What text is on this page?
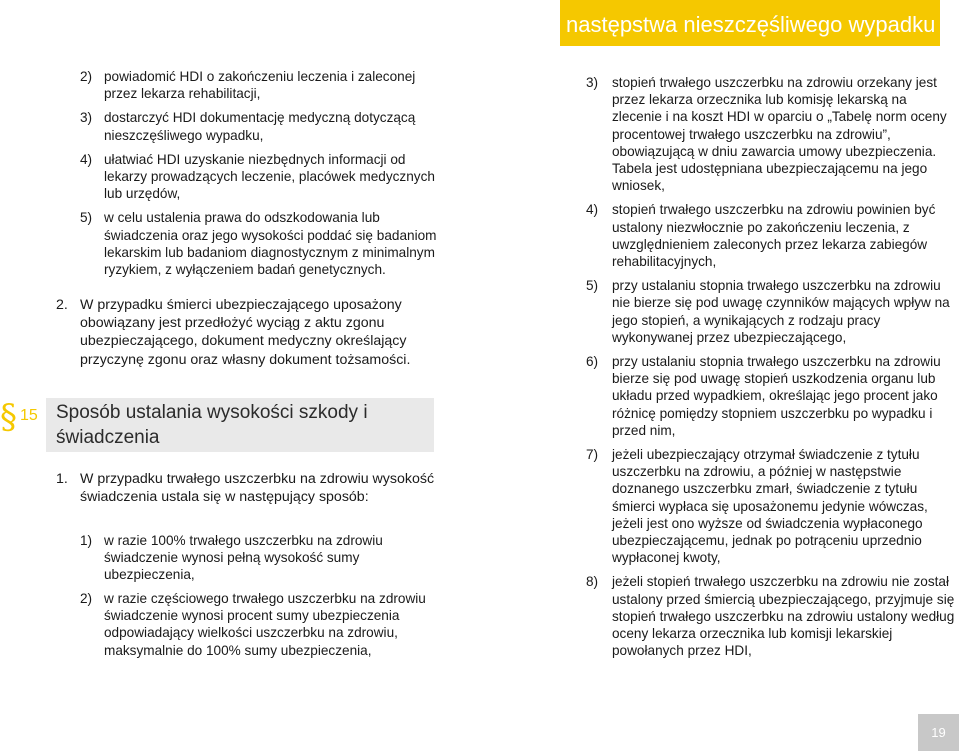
następstwa nieszczęśliwego wypadku
2) powiadomić HDI o zakończeniu leczenia i zaleconej przez lekarza rehabilitacji,
3) dostarczyć HDI dokumentację medyczną dotyczącą nieszczęśliwego wypadku,
4) ułatwiać HDI uzyskanie niezbędnych informacji od lekarzy prowadzących leczenie, placówek medycznych lub urzędów,
5) w celu ustalenia prawa do odszkodowania lub świadczenia oraz jego wysokości poddać się badaniom lekarskim lub badaniom diagnostycznym z minimalnym ryzykiem, z wyłączeniem badań genetycznych.
2. W przypadku śmierci ubezpieczającego uposażony obowiązany jest przedłożyć wyciąg z aktu zgonu ubezpieczającego, dokument medyczny określający przyczynę zgonu oraz własny dokument tożsamości.
§ 15 Sposób ustalania wysokości szkody i świadczenia
1. W przypadku trwałego uszczerbku na zdrowiu wysokość świadczenia ustala się w następujący sposób:
1) w razie 100% trwałego uszczerbku na zdrowiu świadczenie wynosi pełną wysokość sumy ubezpieczenia,
2) w razie częściowego trwałego uszczerbku na zdrowiu świadczenie wynosi procent sumy ubezpieczenia odpowiadający wielkości uszczerbku na zdrowiu, maksymalnie do 100% sumy ubezpieczenia,
3) stopień trwałego uszczerbku na zdrowiu orzekany jest przez lekarza orzecznika lub komisję lekarską na zlecenie i na koszt HDI w oparciu o „Tabelę norm oceny procentowej trwałego uszczerbku na zdrowiu”, obowiązującą w dniu zawarcia umowy ubezpieczenia. Tabela jest udostępniana ubezpieczającemu na jego wniosek,
4) stopień trwałego uszczerbku na zdrowiu powinien być ustalony niezwłocznie po zakończeniu leczenia, z uwzględnieniem zaleconych przez lekarza zabiegów rehabilitacyjnych,
5) przy ustalaniu stopnia trwałego uszczerbku na zdrowiu nie bierze się pod uwagę czynników mających wpływ na jego stopień, a wynikających z rodzaju pracy wykonywanej przez ubezpieczającego,
6) przy ustalaniu stopnia trwałego uszczerbku na zdrowiu bierze się pod uwagę stopień uszkodzenia organu lub układu przed wypadkiem, określając jego procent jako różnicę pomiędzy stopniem uszczerbku po wypadku i przed nim,
7) jeżeli ubezpieczający otrzymał świadczenie z tytułu uszczerbku na zdrowiu, a później w następstwie doznanego uszczerbku zmarł, świadczenie z tytułu śmierci wypłaca się uposażonemu jedynie wówczas, jeżeli jest ono wyższe od świadczenia wypłaconego ubezpieczającemu, jednak po potrąceniu uprzednio wypłaconej kwoty,
8) jeżeli stopień trwałego uszczerbku na zdrowiu nie został ustalony przed śmiercią ubezpieczającego, przyjmuje się stopień trwałego uszczerbku na zdrowiu ustalony według oceny lekarza orzecznika lub komisji lekarskiej powołanych przez HDI,
19
